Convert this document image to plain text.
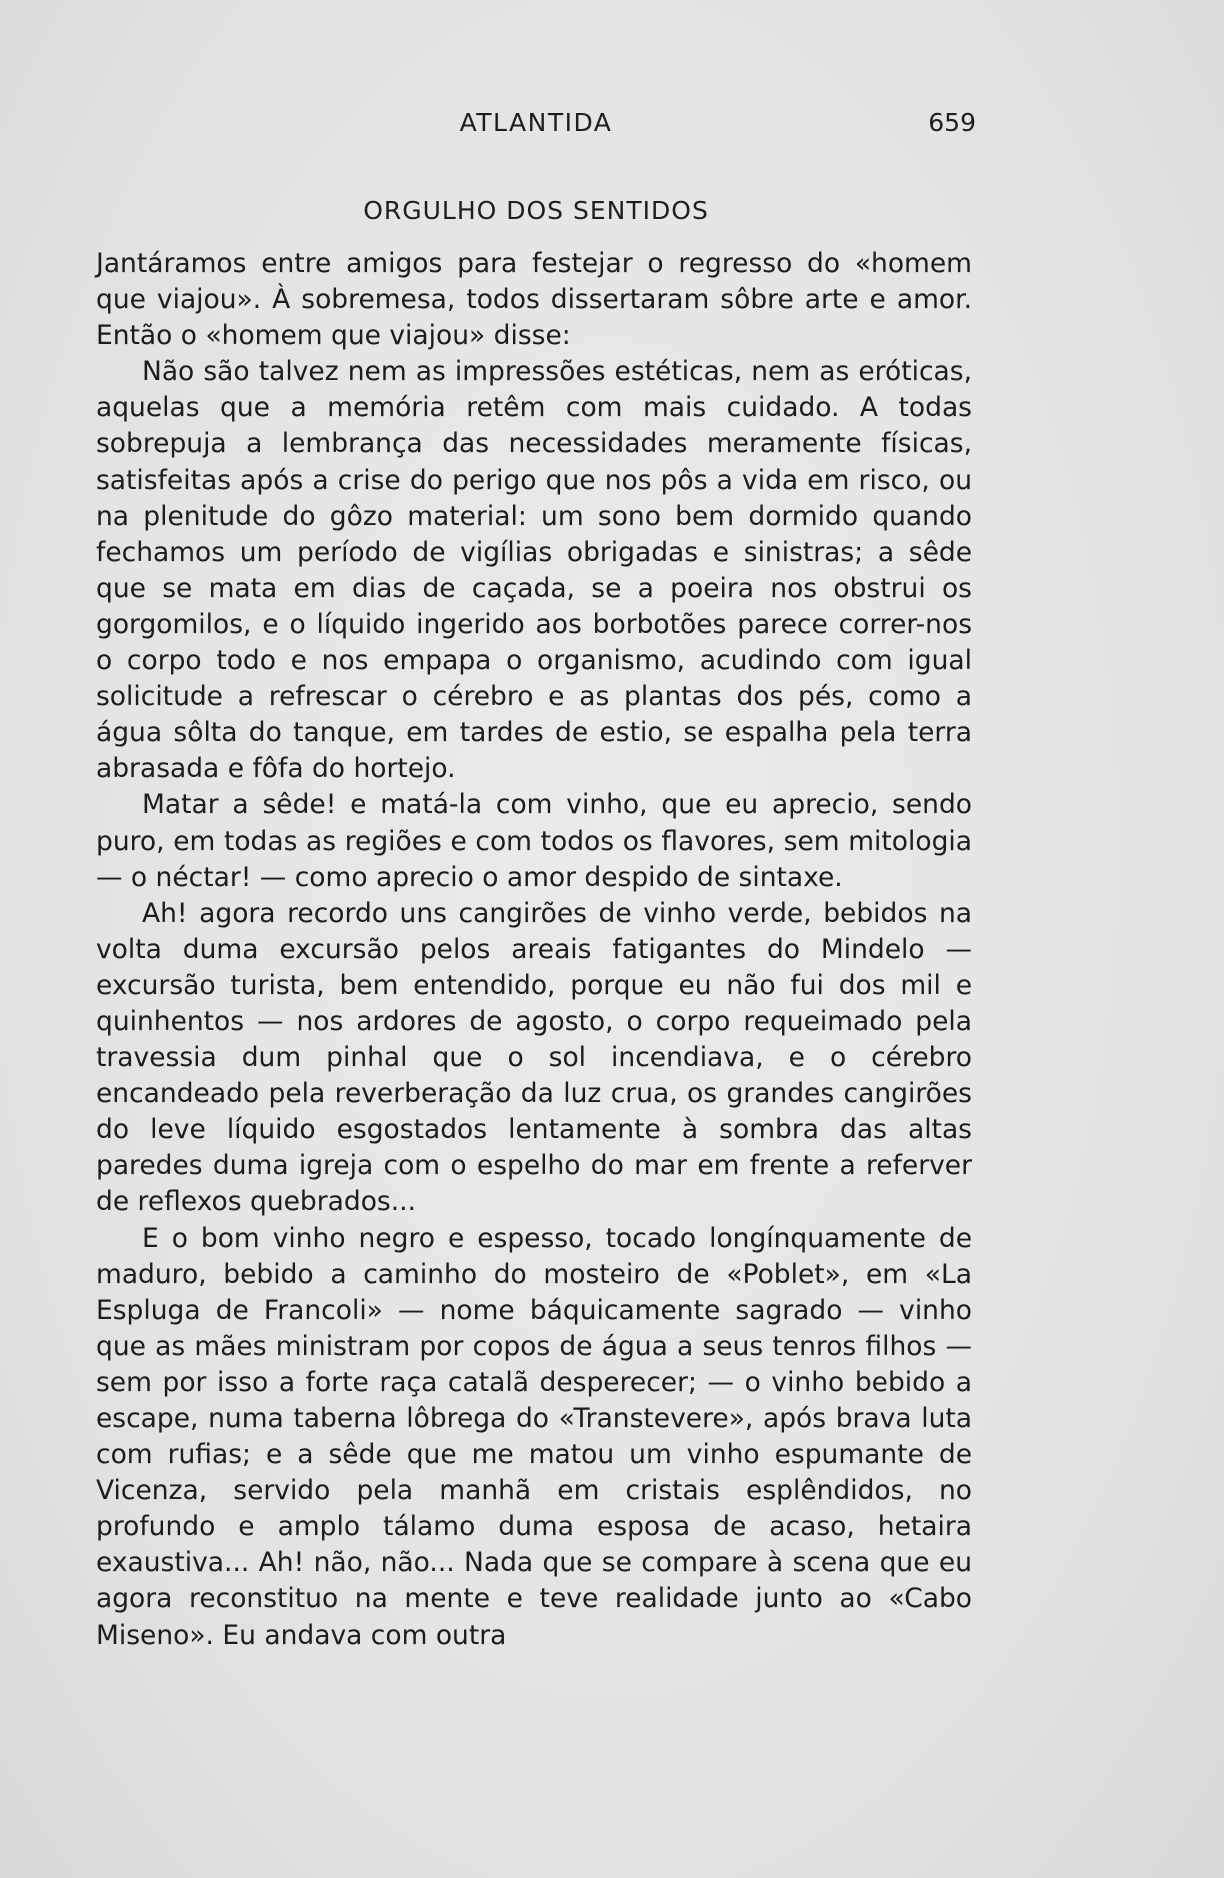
ATLANTIDA	659
ORGULHO DOS SENTIDOS

Jantáramos entre amigos para festejar o regresso do «homem que viajou». À sobremesa, todos dissertaram sôbre arte e amor. Então o «homem que viajou» disse:

Não são talvez nem as impressões estéticas, nem as eróticas, aquelas que a memória retêm com mais cuidado. A todas sobrepuja a lembrança das necessidades meramente físicas, satisfeitas após a crise do perigo que nos pôs a vida em risco, ou na plenitude do gôzo material: um sono bem dormido quando fechamos um período de vigílias obrigadas e sinistras; a sêde que se mata em dias de caçada, se a poeira nos obstrui os gorgomilos, e o líquido ingerido aos borbotões parece correr-nos o corpo todo e nos empapa o organismo, acudindo com igual solicitude a refrescar o cérebro e as plantas dos pés, como a água sôlta do tanque, em tardes de estio, se espalha pela terra abrasada e fôfa do hortejo.

Matar a sêde! e matá-la com vinho, que eu aprecio, sendo puro, em todas as regiões e com todos os flavores, sem mitologia — o néctar! — como aprecio o amor despido de sintaxe.

Ah! agora recordo uns cangirões de vinho verde, bebidos na volta duma excursão pelos areais fatigantes do Mindelo — excursão turista, bem entendido, porque eu não fui dos mil e quinhentos — nos ardores de agosto, o corpo requeimado pela travessia dum pinhal que o sol incendiava, e o cérebro encandeado pela reverberação da luz crua, os grandes cangirões do leve líquido esgostados lentamente à sombra das altas paredes duma igreja com o espelho do mar em frente a referver de reflexos quebrados...

E o bom vinho negro e espesso, tocado longínquamente de maduro, bebido a caminho do mosteiro de «Poblet», em «La Espluga de Francoli» — nome báquicamente sagrado — vinho que as mães ministram por copos de água a seus tenros filhos — sem por isso a forte raça catalã desperecer; — o vinho bebido a escape, numa taberna lôbrega do «Transtevere», após brava luta com rufias; e a sêde que me matou um vinho espumante de Vicenza, servido pela manhã em cristais esplêndidos, no profundo e amplo tálamo duma esposa de acaso, hetaira exaustiva... Ah! não, não... Nada que se compare à scena que eu agora reconstituo na mente e teve realidade junto ao «Cabo Miseno». Eu andava com outra
